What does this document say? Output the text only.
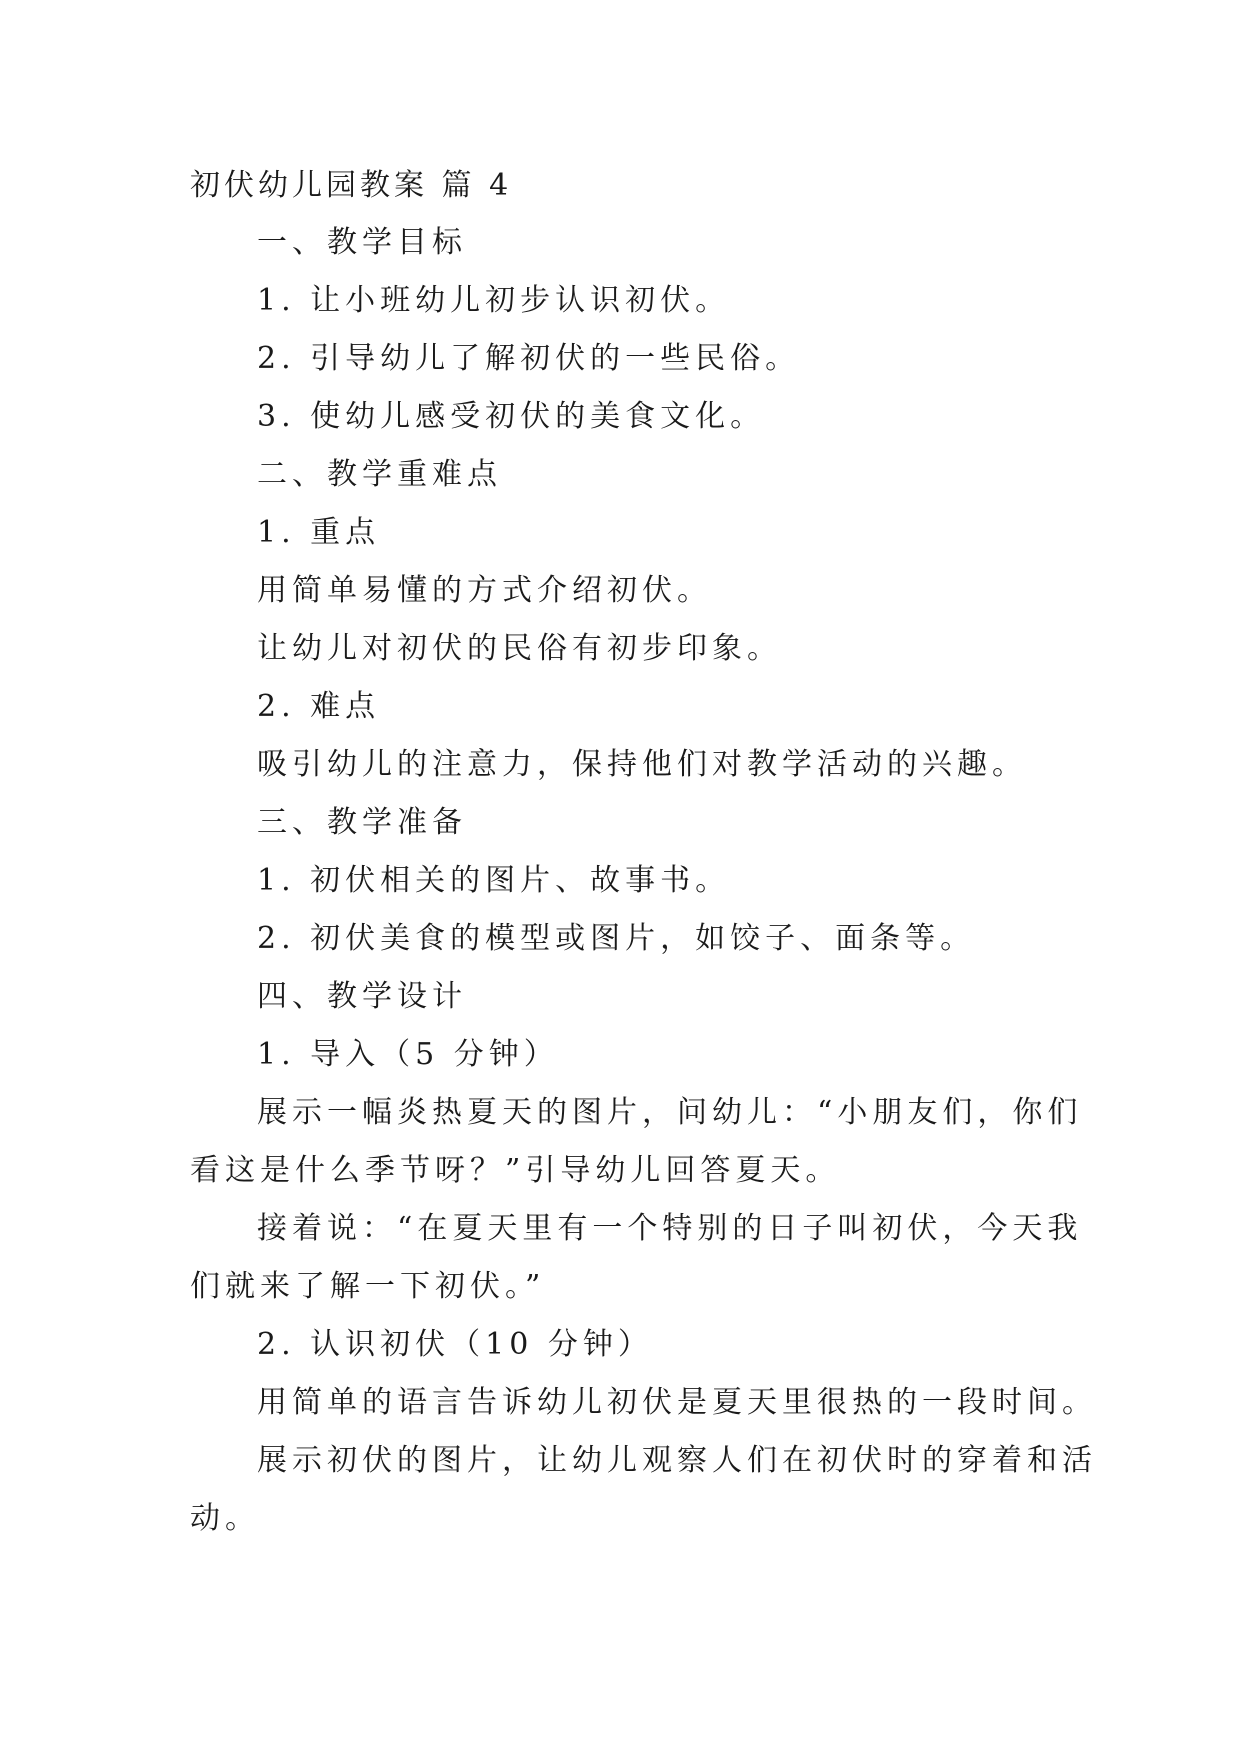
初伏幼儿园教案 篇 4
一、教学目标
1. 让小班幼儿初步认识初伏。
2. 引导幼儿了解初伏的一些民俗。
3. 使幼儿感受初伏的美食文化。
二、教学重难点
1. 重点
用简单易懂的方式介绍初伏。
让幼儿对初伏的民俗有初步印象。
2. 难点
吸引幼儿的注意力，保持他们对教学活动的兴趣。
三、教学准备
1. 初伏相关的图片、故事书。
2. 初伏美食的模型或图片，如饺子、面条等。
四、教学设计
1. 导入（5 分钟）
展示一幅炎热夏天的图片，问幼儿：“小朋友们，你们
看这是什么季节呀？”引导幼儿回答夏天。
接着说：“在夏天里有一个特别的日子叫初伏，今天我
们就来了解一下初伏。”
2. 认识初伏（10 分钟）
用简单的语言告诉幼儿初伏是夏天里很热的一段时间。
展示初伏的图片，让幼儿观察人们在初伏时的穿着和活
动。
